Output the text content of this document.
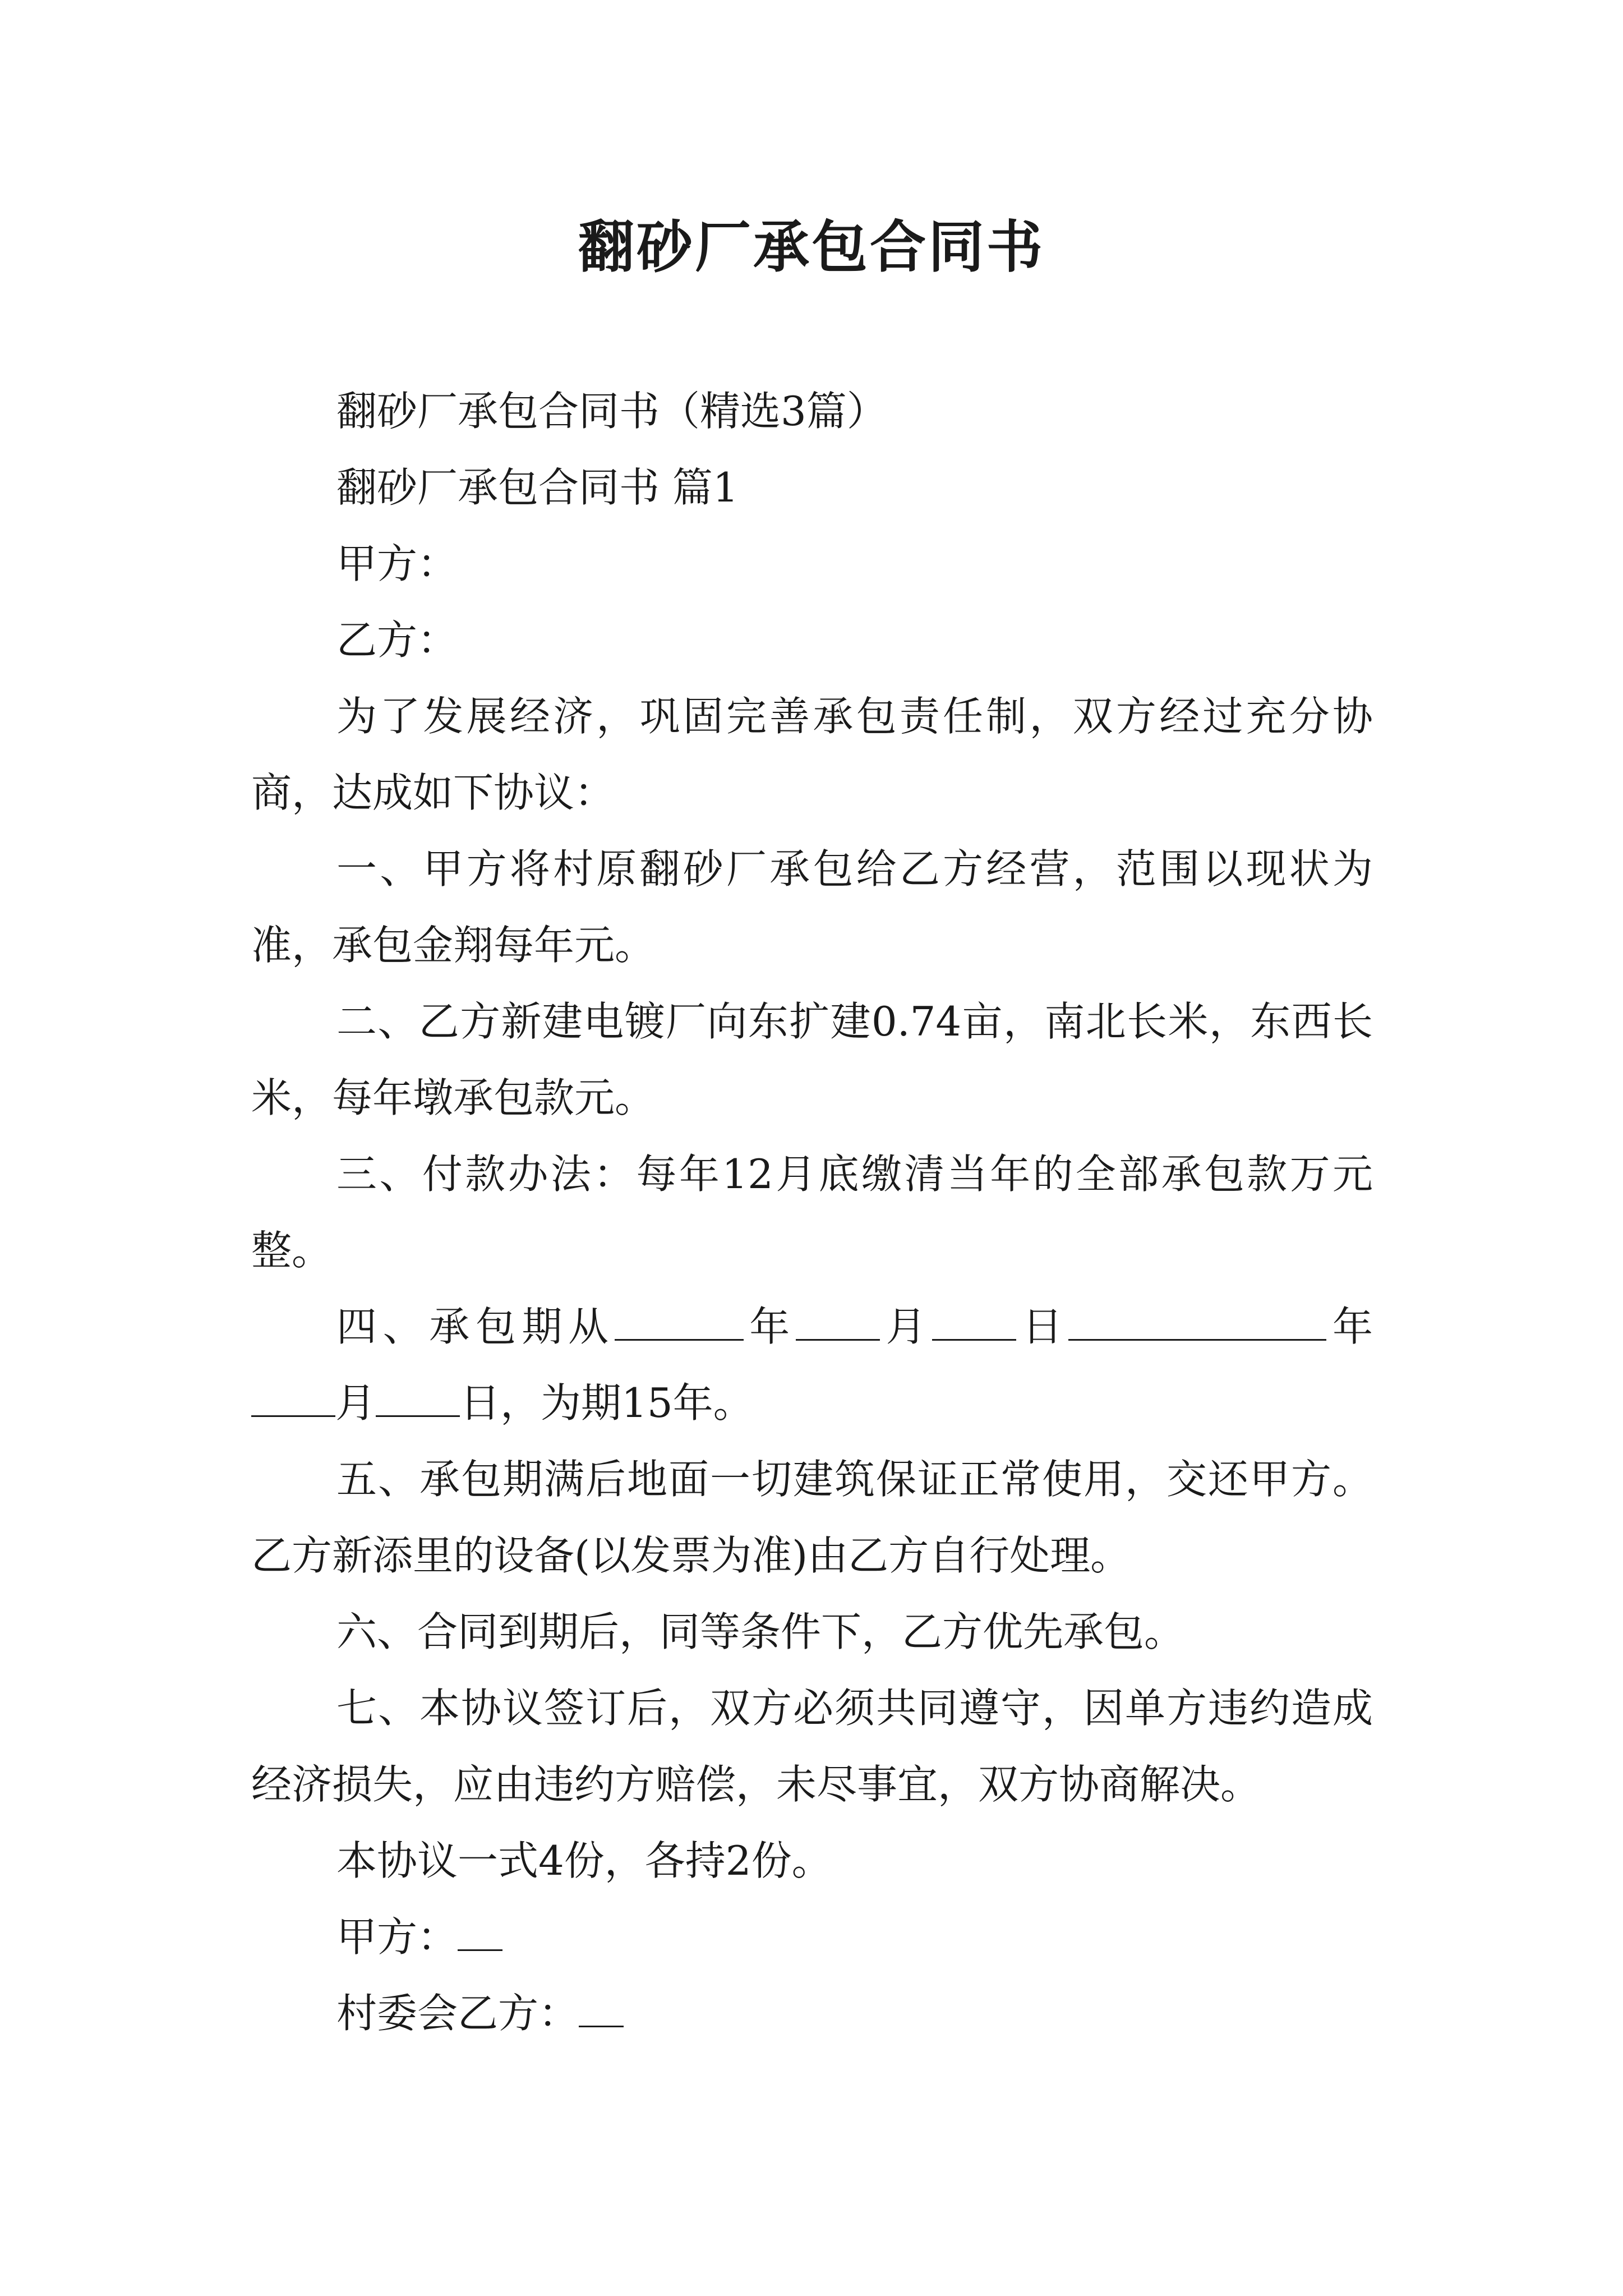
翻砂厂承包合同书

翻砂厂承包合同书（精选3篇）

翻砂厂承包合同书 篇1

甲方：

乙方：

为了发展经济，巩固完善承包责任制，双方经过充分协商，达成如下协议：

一、甲方将村原翻砂厂承包给乙方经营，范围以现状为准，承包金翔每年元。

二、乙方新建电镀厂向东扩建0.74亩，南北长米，东西长米，每年墩承包款元。

三、付款办法：每年12月底缴清当年的全部承包款万元整。

四、承包期从	年 月 日	年月 日，为期15年。

五、承包期满后地面一切建筑保证正常使用，交还甲方。乙方新添里的设备(以发票为准)由乙方自行处理。

六、合同到期后，同等条件下，乙方优先承包。

七、本协议签订后，双方必须共同遵守，因单方违约造成经济损失，应由违约方赔偿，未尽事宜，双方协商解决。

本协议一式4份，各持2份。

甲方：

村委会乙方：
